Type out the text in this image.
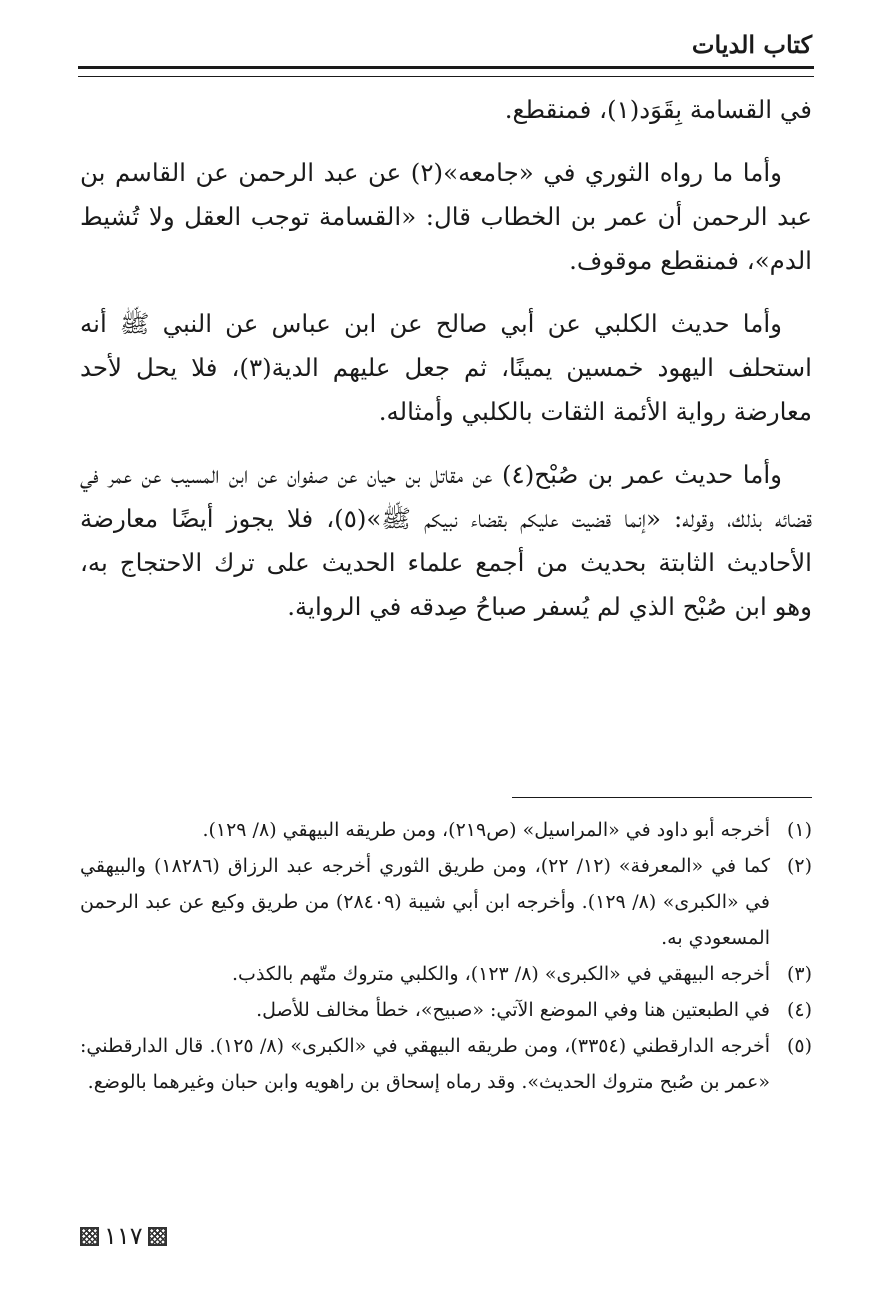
كتاب الديات

في القسامة بِقَوَد(١)، فمنقطع.

وأما ما رواه الثوري في «جامعه»(٢) عن عبد الرحمن عن القاسم بن عبد الرحمن أن عمر بن الخطاب قال: «القسامة توجب العقل ولا تُشيط الدم»، فمنقطع موقوف.

وأما حديث الكلبي عن أبي صالح عن ابن عباس عن النبي ﷺ أنه استحلف اليهود خمسين يمينًا، ثم جعل عليهم الدية(٣)، فلا يحل لأحد معارضة رواية الأئمة الثقات بالكلبي وأمثاله.

وأما حديث عمر بن صُبْح(٤) عن مقاتل بن حيان عن صفوان عن ابن المسيب عن عمر في قضائه بذلك، وقوله: «إنما قضيت عليكم بقضاء نبيكم ﷺ»(٥)، فلا يجوز أيضًا معارضة الأحاديث الثابتة بحديث من أجمع علماء الحديث على ترك الاحتجاج به، وهو ابن صُبْح الذي لم يُسفر صباحُ صِدقه في الرواية.

(١)
أخرجه أبو داود في «المراسيل» (ص٢١٩)، ومن طريقه البيهقي (٨/ ١٢٩).
(٢)
كما في «المعرفة» (١٢/ ٢٢)، ومن طريق الثوري أخرجه عبد الرزاق (١٨٢٨٦) والبيهقي في «الكبرى» (٨/ ١٢٩). وأخرجه ابن أبي شيبة (٢٨٤٠٩) من طريق وكيع عن عبد الرحمن المسعودي به.
(٣)
أخرجه البيهقي في «الكبرى» (٨/ ١٢٣)، والكلبي متروك متّهم بالكذب.
(٤)
في الطبعتين هنا وفي الموضع الآتي: «صبيح»، خطأ مخالف للأصل.
(٥)
أخرجه الدارقطني (٣٣٥٤)، ومن طريقه البيهقي في «الكبرى» (٨/ ١٢٥). قال الدارقطني: «عمر بن صُبح متروك الحديث». وقد رماه إسحاق بن راهويه وابن حبان وغيرهما بالوضع.
١١٧
